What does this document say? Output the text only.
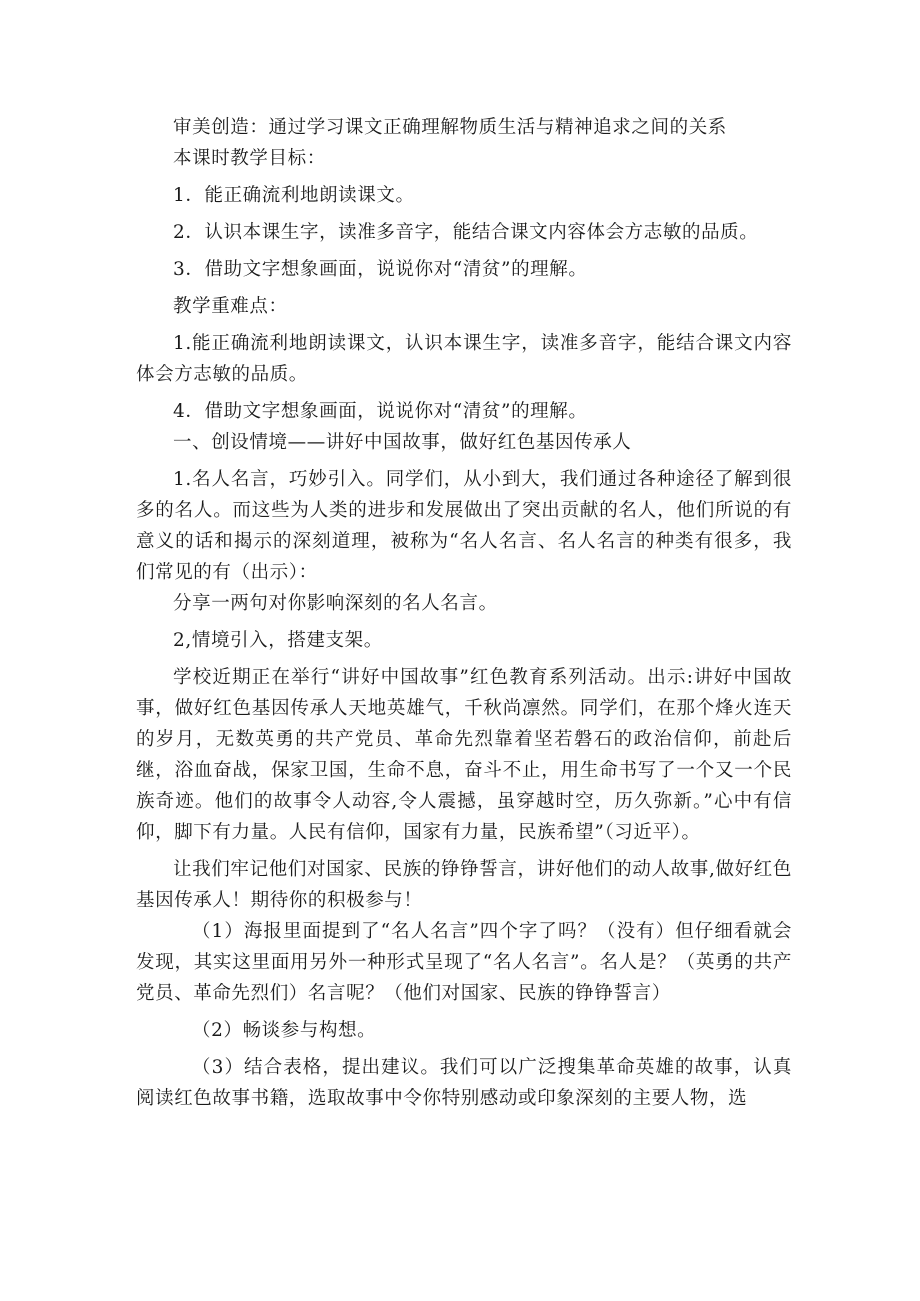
审美创造：通过学习课文正确理解物质生活与精神追求之间的关系

本课时教学目标：

1．能正确流利地朗读课文。

2．认识本课生字，读准多音字，能结合课文内容体会方志敏的品质。

3．借助文字想象画面，说说你对“清贫”的理解。

教学重难点：

1.能正确流利地朗读课文，认识本课生字，读准多音字，能结合课文内容体会方志敏的品质。

4．借助文字想象画面，说说你对“清贫”的理解。

一、创设情境——讲好中国故事，做好红色基因传承人

1.名人名言，巧妙引入。同学们，从小到大，我们通过各种途径了解到很多的名人。而这些为人类的进步和发展做出了突出贡献的名人，他们所说的有意义的话和揭示的深刻道理，被称为“名人名言、名人名言的种类有很多，我们常见的有（出示）：

分享一两句对你影响深刻的名人名言。

2,情境引入，搭建支架。

学校近期正在举行“讲好中国故事”红色教育系列活动。出示:讲好中国故事，做好红色基因传承人天地英雄气，千秋尚凛然。同学们，在那个烽火连天的岁月，无数英勇的共产党员、革命先烈靠着坚若磐石的政治信仰，前赴后继，浴血奋战，保家卫国，生命不息，奋斗不止，用生命书写了一个又一个民族奇迹。他们的故事令人动容,令人震撼，虽穿越时空，历久弥新。”心中有信仰，脚下有力量。人民有信仰，国家有力量，民族希望”（习近平）。

让我们牢记他们对国家、民族的铮铮誓言，讲好他们的动人故事,做好红色基因传承人！期待你的积极参与！

（1）海报里面提到了“名人名言”四个字了吗？（没有）但仔细看就会发现，其实这里面用另外一种形式呈现了“名人名言”。名人是？（英勇的共产党员、革命先烈们）名言呢？（他们对国家、民族的铮铮誓言）

（2）畅谈参与构想。

（3）结合表格，提出建议。我们可以广泛搜集革命英雄的故事，认真阅读红色故事书籍，选取故事中令你特别感动或印象深刻的主要人物，选
